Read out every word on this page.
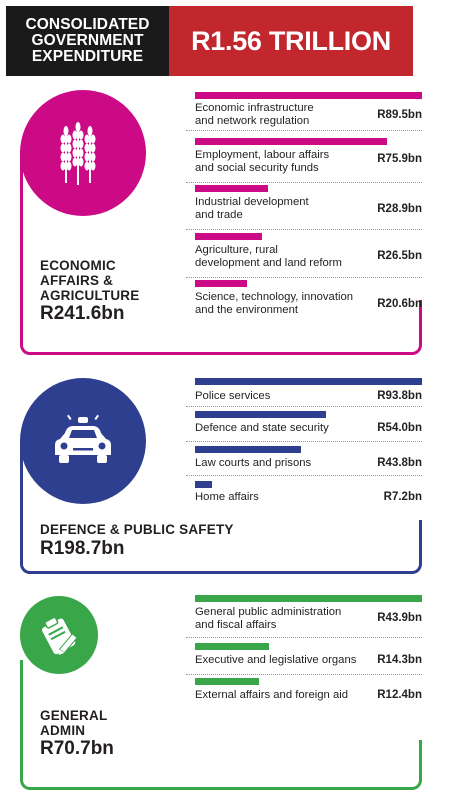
CONSOLIDATED
GOVERNMENT
EXPENDITURE
R1.56 TRILLION
ECONOMIC
AFFAIRS &
AGRICULTURE
R241.6bn
Economic infrastructure
and network regulation	R89.5bn
Employment, labour affairs
and social security funds
R75.9bn
Industrial development
and trade	R28.9bn
Agriculture, rural
development and land reform
R26.5bn
Science, technology, innovation
and the environment	R20.6bn
DEFENCE & PUBLIC SAFETY
R198.7bn
Police services	R93.8bn
Defence and state security	R54.0bn
Law courts and prisons	R43.8bn
Home affairs	R7.2bn
GENERAL
ADMIN
R70.7bn
General public administration
and fiscal affairs
R43.9bn
Executive and legislative organs	R14.3bn
External affairs and foreign aid	R12.4bn
